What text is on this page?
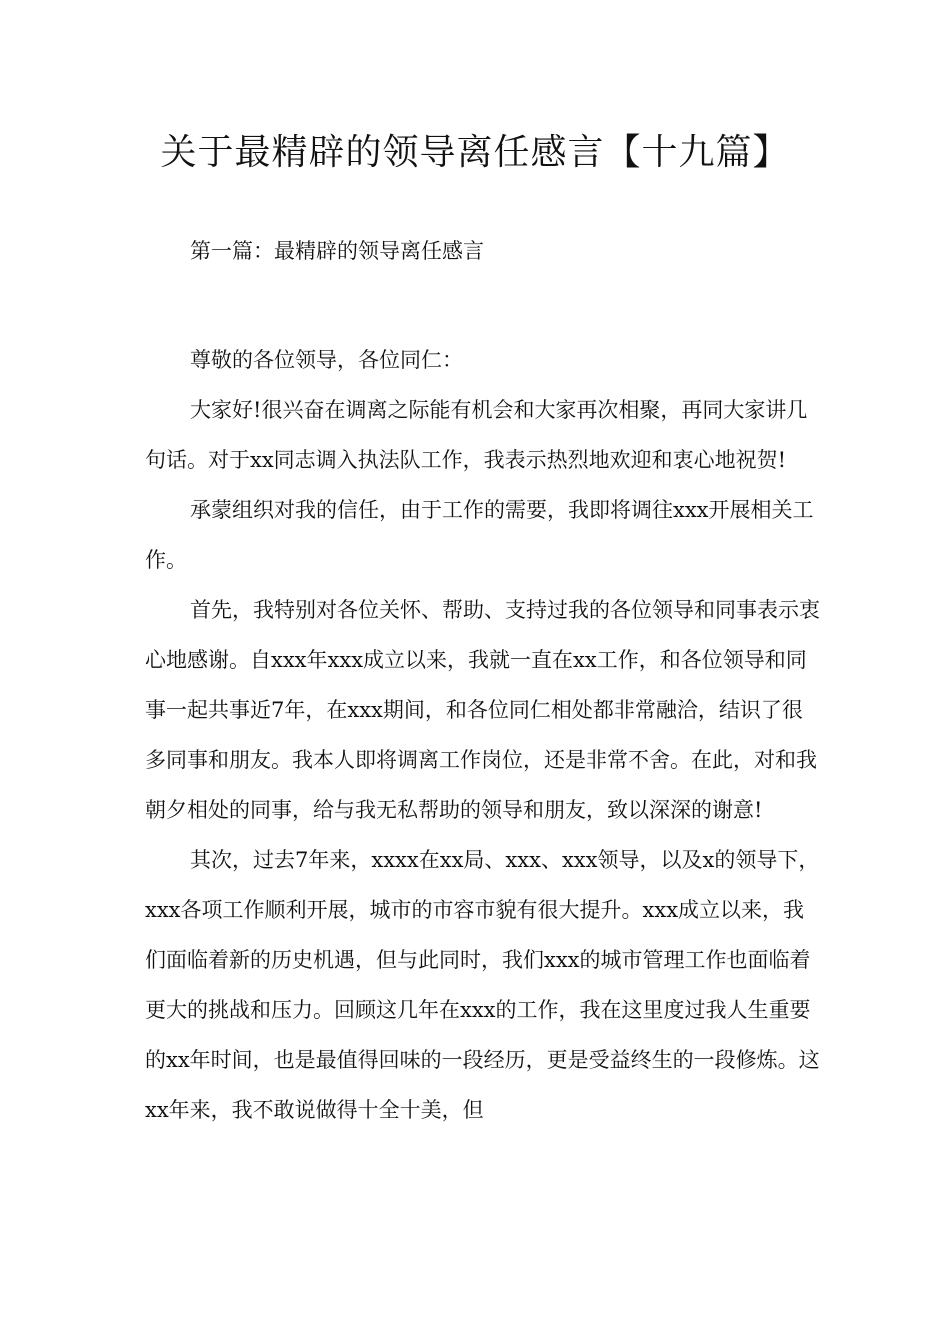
关于最精辟的领导离任感言【十九篇】

第一篇：最精辟的领导离任感言

尊敬的各位领导，各位同仁：

大家好!很兴奋在调离之际能有机会和大家再次相聚，再同大家讲几句话。对于xx同志调入执法队工作，我表示热烈地欢迎和衷心地祝贺!

承蒙组织对我的信任，由于工作的需要，我即将调往xxx开展相关工作。

首先，我特别对各位关怀、帮助、支持过我的各位领导和同事表示衷心地感谢。自xxx年xxx成立以来，我就一直在xx工作，和各位领导和同事一起共事近7年，在xxx期间，和各位同仁相处都非常融洽，结识了很多同事和朋友。我本人即将调离工作岗位，还是非常不舍。在此，对和我朝夕相处的同事，给与我无私帮助的领导和朋友，致以深深的谢意!

其次，过去7年来，xxxx在xx局、xxx、xxx领导，以及x的领导下，xxx各项工作顺利开展，城市的市容市貌有很大提升。xxx成立以来，我们面临着新的历史机遇，但与此同时，我们xxx的城市管理工作也面临着更大的挑战和压力。回顾这几年在xxx的工作，我在这里度过我人生重要的xx年时间，也是最值得回味的一段经历，更是受益终生的一段修炼。这xx年来，我不敢说做得十全十美，但
